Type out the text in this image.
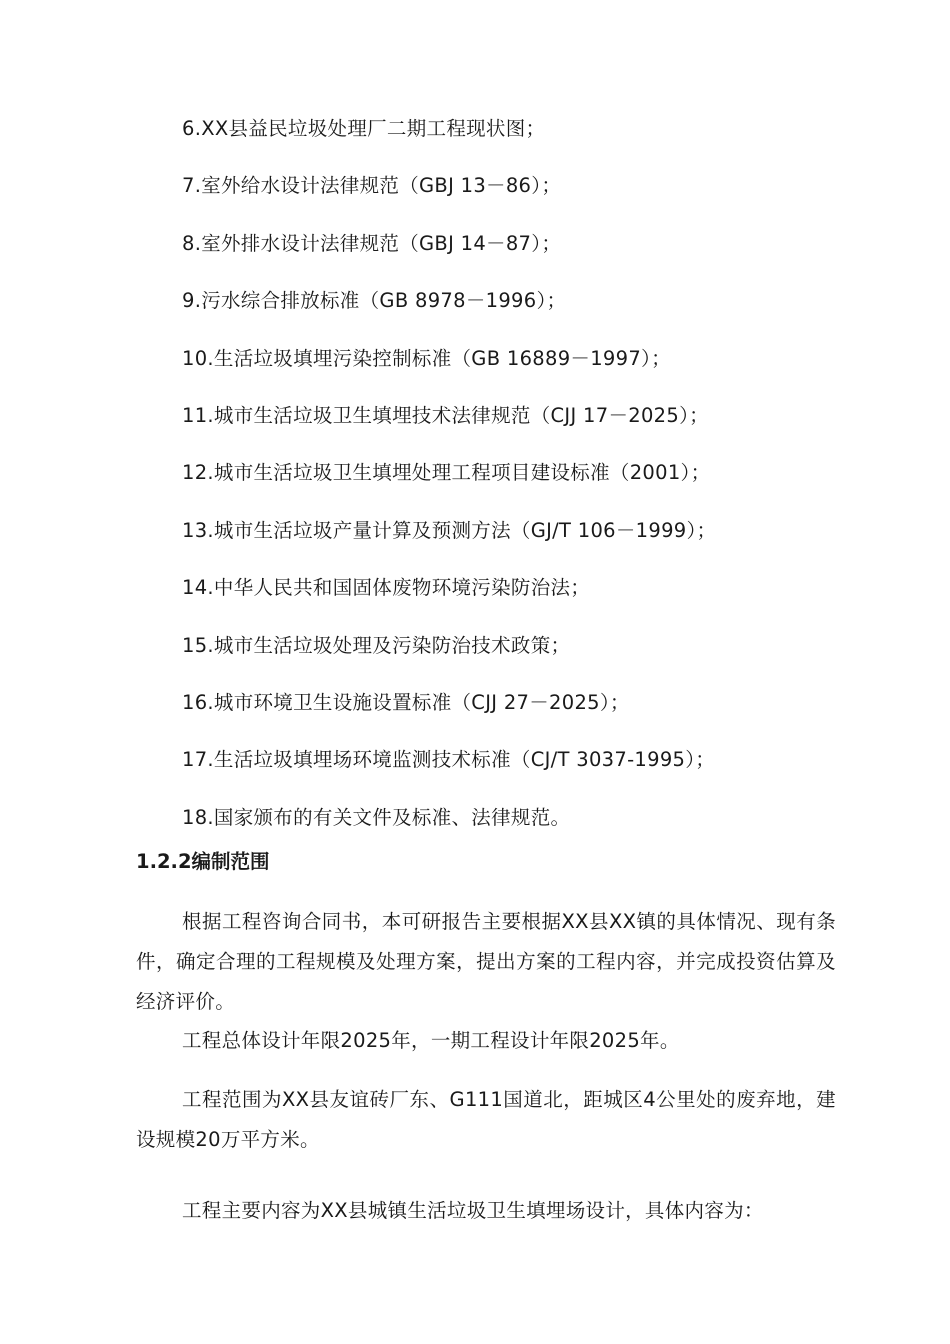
6.XX县益民垃圾处理厂二期工程现状图；
7.室外给水设计法律规范（GBJ 13－86）；
8.室外排水设计法律规范（GBJ 14－87）；
9.污水综合排放标准（GB 8978－1996）；
10.生活垃圾填埋污染控制标准（GB 16889－1997）；
11.城市生活垃圾卫生填埋技术法律规范（CJJ 17－2025）；
12.城市生活垃圾卫生填埋处理工程项目建设标准（2001）；
13.城市生活垃圾产量计算及预测方法（GJ/T 106－1999）；
14.中华人民共和国固体废物环境污染防治法；
15.城市生活垃圾处理及污染防治技术政策；
16.城市环境卫生设施设置标准（CJJ 27－2025）；
17.生活垃圾填埋场环境监测技术标准（CJ/T 3037-1995）；
18.国家颁布的有关文件及标准、法律规范。
1.2.2编制范围

根据工程咨询合同书，本可研报告主要根据XX县XX镇的具体情况、现有条件，确定合理的工程规模及处理方案，提出方案的工程内容，并完成投资估算及经济评价。

工程总体设计年限2025年，一期工程设计年限2025年。

工程范围为XX县友谊砖厂东、G111国道北，距城区4公里处的废弃地，建设规模20万平方米。

工程主要内容为XX县城镇生活垃圾卫生填埋场设计，具体内容为：
